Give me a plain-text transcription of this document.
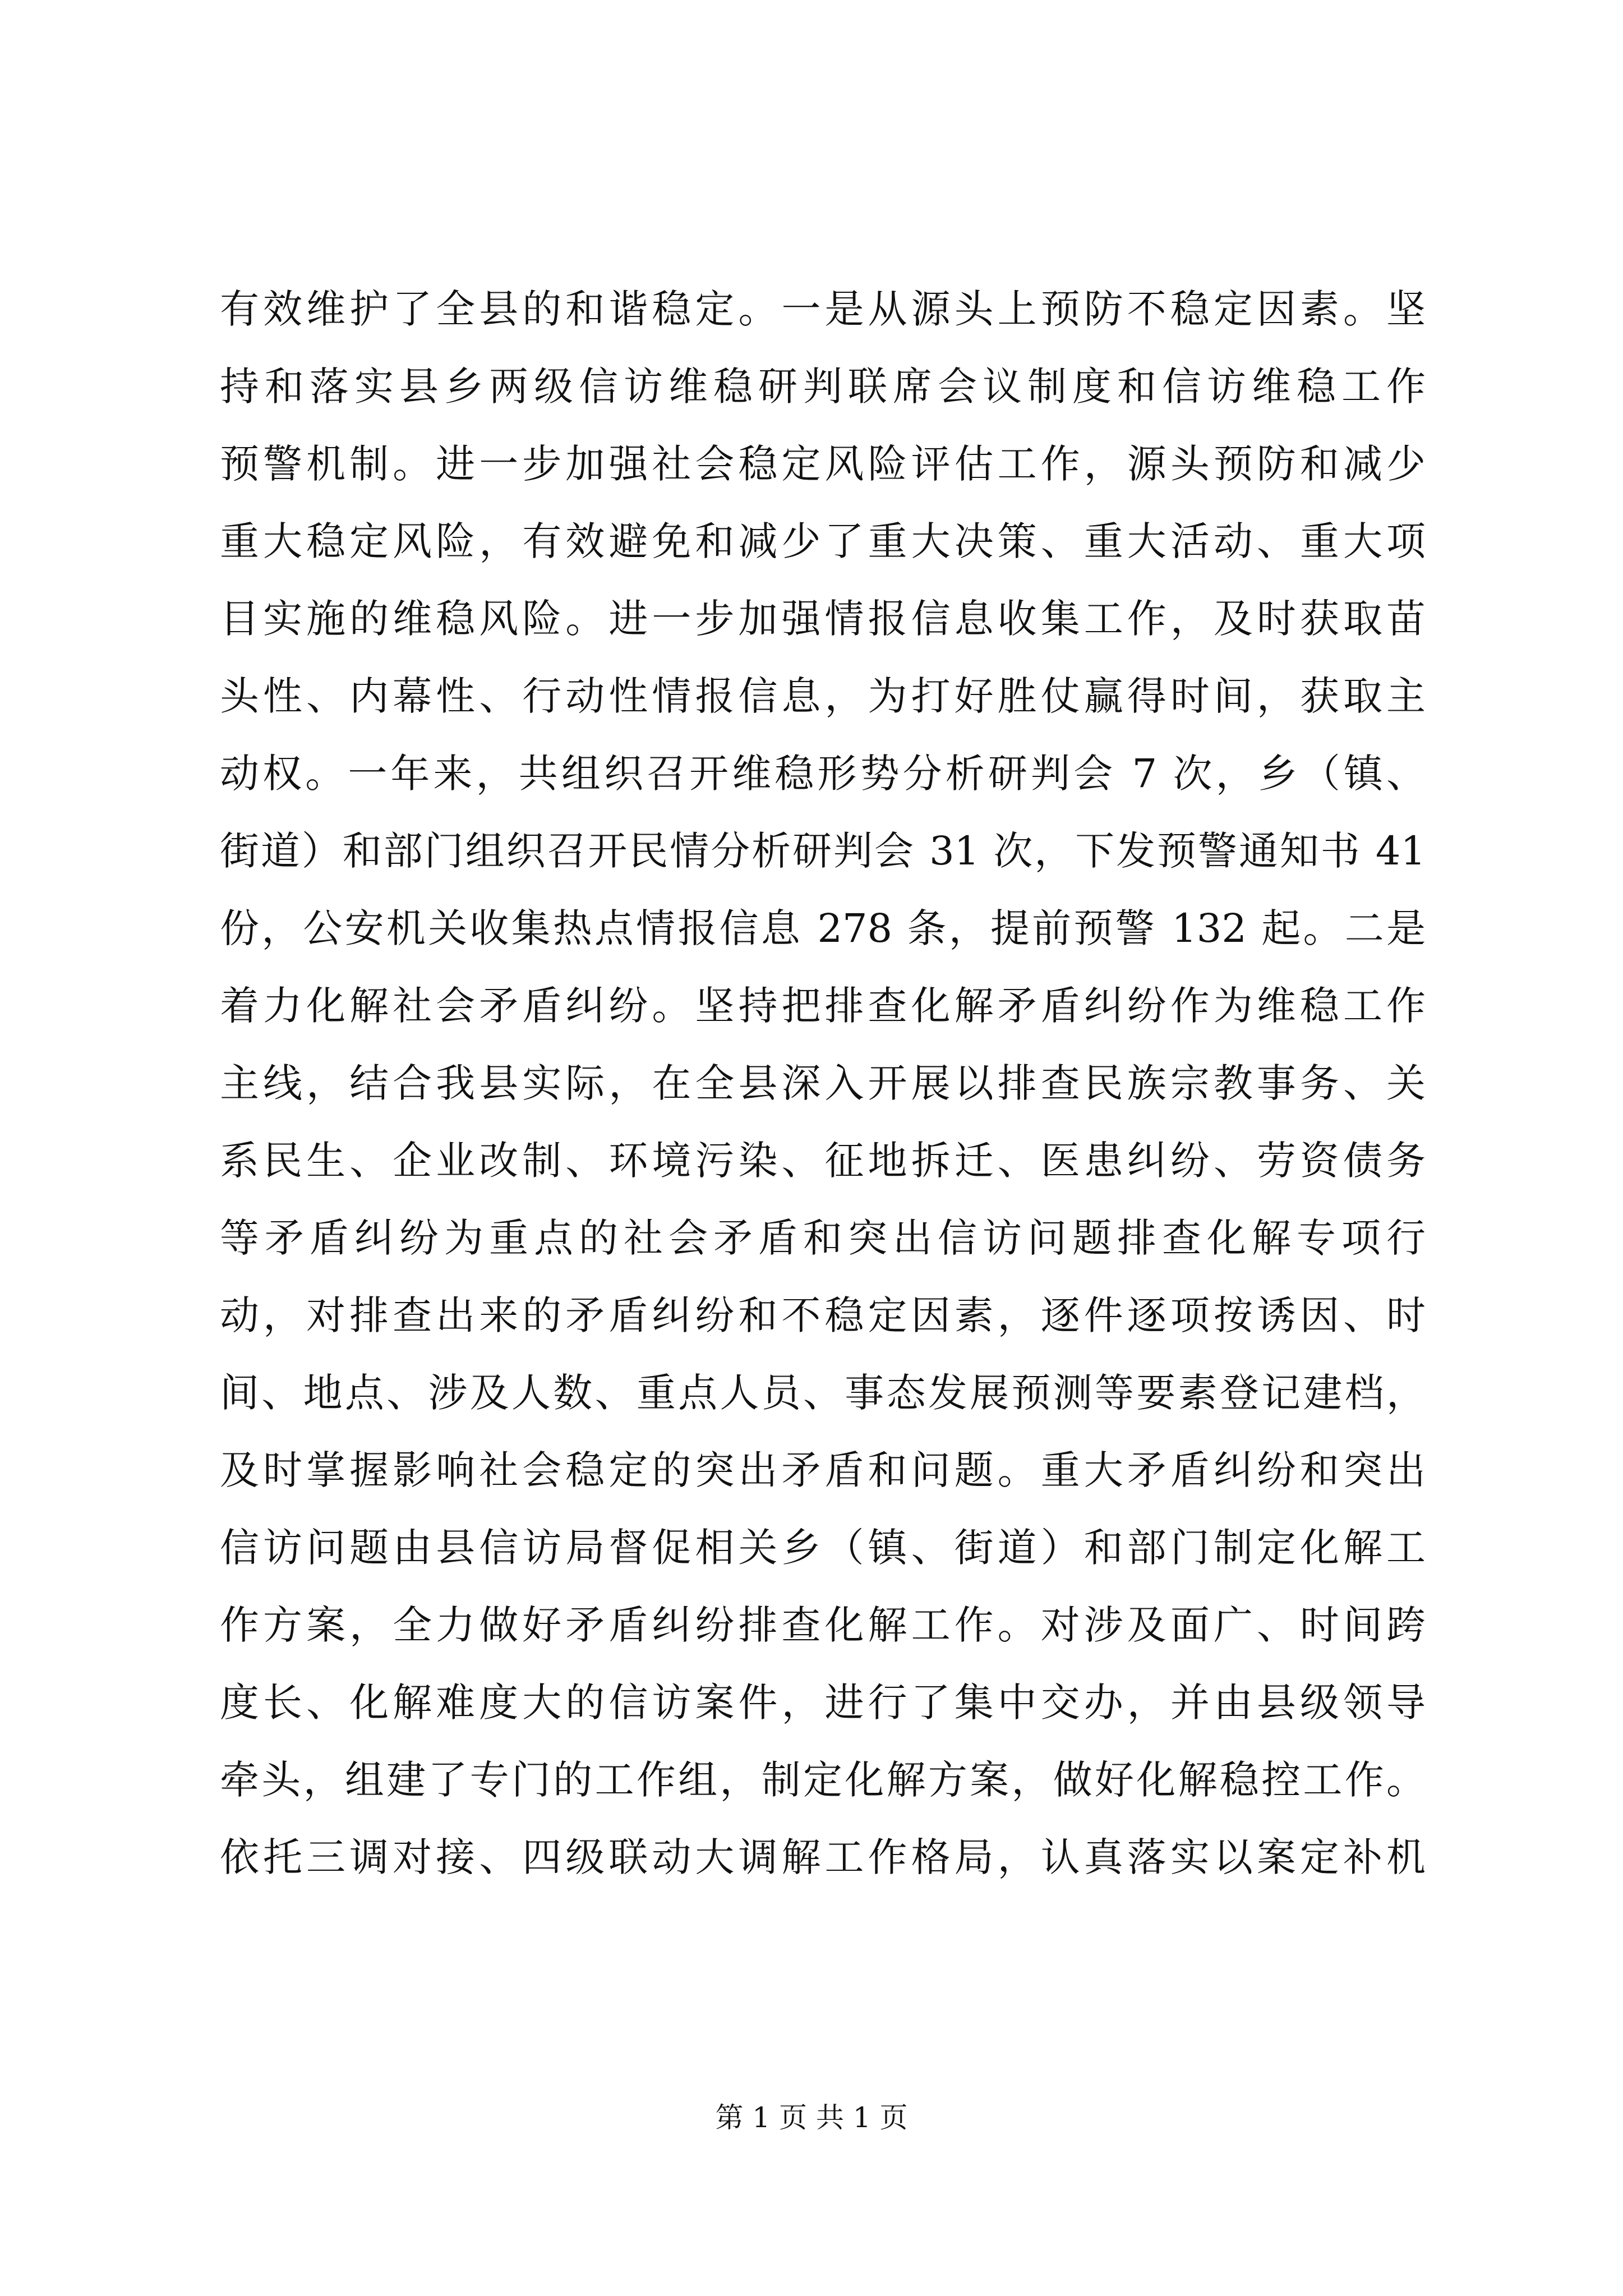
有效维护了全县的和谐稳定。一是从源头上预防不稳定因素。坚
持和落实县乡两级信访维稳研判联席会议制度和信访维稳工作
预警机制。进一步加强社会稳定风险评估工作，源头预防和减少
重大稳定风险，有效避免和减少了重大决策、重大活动、重大项
目实施的维稳风险。进一步加强情报信息收集工作，及时获取苗
头性、内幕性、行动性情报信息，为打好胜仗赢得时间，获取主
动权。一年来，共组织召开维稳形势分析研判会 7 次，乡（镇、
街道）和部门组织召开民情分析研判会 31 次，下发预警通知书 41
份，公安机关收集热点情报信息 278 条，提前预警 132 起。二是
着力化解社会矛盾纠纷。坚持把排查化解矛盾纠纷作为维稳工作
主线，结合我县实际，在全县深入开展以排查民族宗教事务、关
系民生、企业改制、环境污染、征地拆迁、医患纠纷、劳资债务
等矛盾纠纷为重点的社会矛盾和突出信访问题排查化解专项行
动，对排查出来的矛盾纠纷和不稳定因素，逐件逐项按诱因、时
间、地点、涉及人数、重点人员、事态发展预测等要素登记建档，
及时掌握影响社会稳定的突出矛盾和问题。重大矛盾纠纷和突出
信访问题由县信访局督促相关乡（镇、街道）和部门制定化解工
作方案，全力做好矛盾纠纷排查化解工作。对涉及面广、时间跨
度长、化解难度大的信访案件，进行了集中交办，并由县级领导
牵头，组建了专门的工作组，制定化解方案，做好化解稳控工作。
依托三调对接、四级联动大调解工作格局，认真落实以案定补机
第 1 页 共 1 页
